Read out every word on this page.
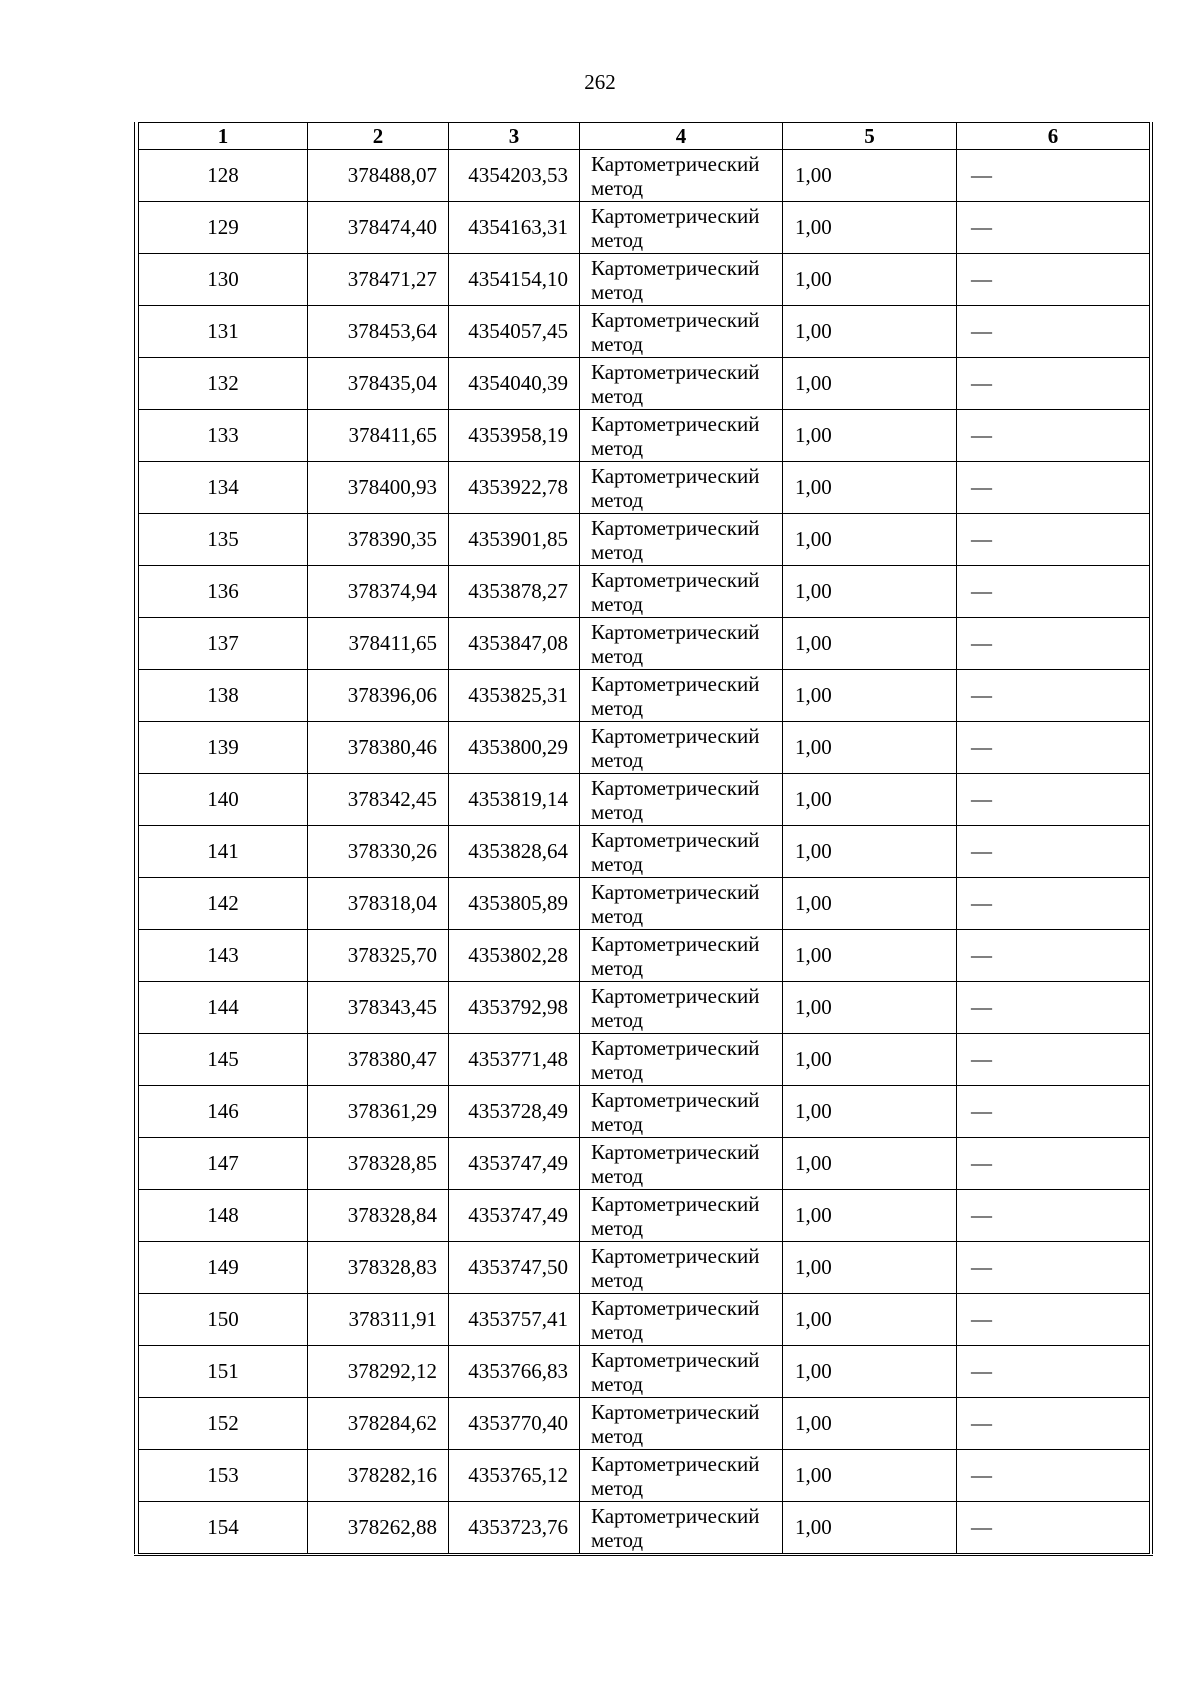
262
1	2	3	4	5	6
128	378488,07	4354203,53	Картометрический метод	1,00	—
129	378474,40	4354163,31	Картометрический метод	1,00	—
130	378471,27	4354154,10	Картометрический метод	1,00	—
131	378453,64	4354057,45	Картометрический метод	1,00	—
132	378435,04	4354040,39	Картометрический метод	1,00	—
133	378411,65	4353958,19	Картометрический метод	1,00	—
134	378400,93	4353922,78	Картометрический метод	1,00	—
135	378390,35	4353901,85	Картометрический метод	1,00	—
136	378374,94	4353878,27	Картометрический метод	1,00	—
137	378411,65	4353847,08	Картометрический метод	1,00	—
138	378396,06	4353825,31	Картометрический метод	1,00	—
139	378380,46	4353800,29	Картометрический метод	1,00	—
140	378342,45	4353819,14	Картометрический метод	1,00	—
141	378330,26	4353828,64	Картометрический метод	1,00	—
142	378318,04	4353805,89	Картометрический метод	1,00	—
143	378325,70	4353802,28	Картометрический метод	1,00	—
144	378343,45	4353792,98	Картометрический метод	1,00	—
145	378380,47	4353771,48	Картометрический метод	1,00	—
146	378361,29	4353728,49	Картометрический метод	1,00	—
147	378328,85	4353747,49	Картометрический метод	1,00	—
148	378328,84	4353747,49	Картометрический метод	1,00	—
149	378328,83	4353747,50	Картометрический метод	1,00	—
150	378311,91	4353757,41	Картометрический метод	1,00	—
151	378292,12	4353766,83	Картометрический метод	1,00	—
152	378284,62	4353770,40	Картометрический метод	1,00	—
153	378282,16	4353765,12	Картометрический метод	1,00	—
154	378262,88	4353723,76	Картометрический метод	1,00	—
